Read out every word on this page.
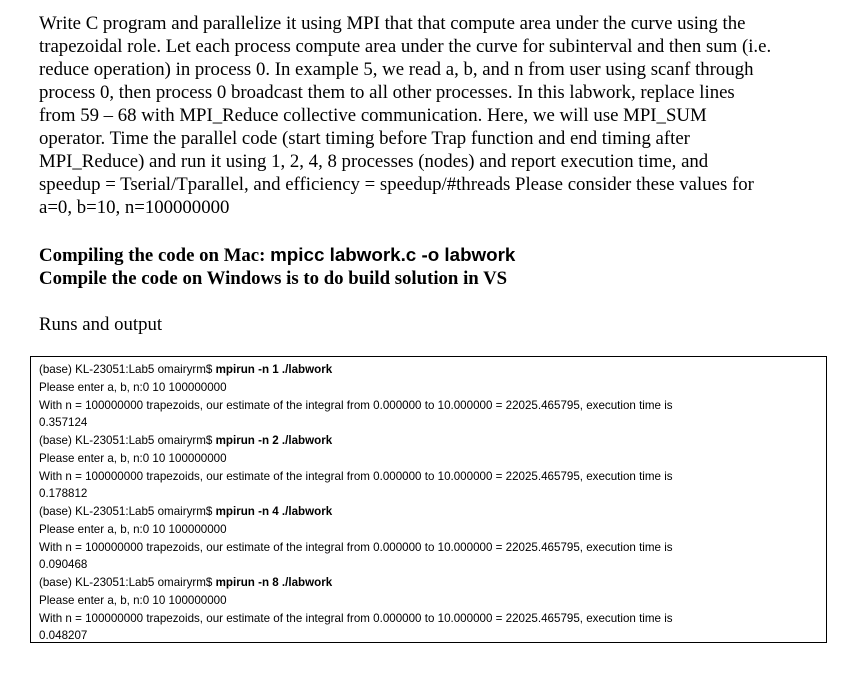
Write C program and parallelize it using MPI that that compute area under the curve using the
trapezoidal role. Let each process compute area under the curve for subinterval and then sum (i.e.
reduce operation) in process 0. In example 5, we read a, b, and n from user using scanf through
process 0, then process 0 broadcast them to all other processes. In this labwork, replace lines
from 59 – 68 with MPI_Reduce collective communication. Here, we will use MPI_SUM
operator. Time the parallel code (start timing before Trap function and end timing after
MPI_Reduce) and run it using 1, 2, 4, 8 processes (nodes) and report execution time, and
speedup = Tserial/Tparallel, and efficiency = speedup/#threads Please consider these values for
a=0, b=10, n=100000000
Compiling the code on Mac: mpicc labwork.c -o labwork
Compile the code on Windows is to do build solution in VS
Runs and output
(base) KL-23051:Lab5 omairyrm$ mpirun -n 1 ./labwork
Please enter a, b, n:0 10 100000000
With n = 100000000 trapezoids, our estimate of the integral from 0.000000 to 10.000000 = 22025.465795, execution time is
0.357124
(base) KL-23051:Lab5 omairyrm$ mpirun -n 2 ./labwork
Please enter a, b, n:0 10 100000000
With n = 100000000 trapezoids, our estimate of the integral from 0.000000 to 10.000000 = 22025.465795, execution time is
0.178812
(base) KL-23051:Lab5 omairyrm$ mpirun -n 4 ./labwork
Please enter a, b, n:0 10 100000000
With n = 100000000 trapezoids, our estimate of the integral from 0.000000 to 10.000000 = 22025.465795, execution time is
0.090468
(base) KL-23051:Lab5 omairyrm$ mpirun -n 8 ./labwork
Please enter a, b, n:0 10 100000000
With n = 100000000 trapezoids, our estimate of the integral from 0.000000 to 10.000000 = 22025.465795, execution time is
0.048207
